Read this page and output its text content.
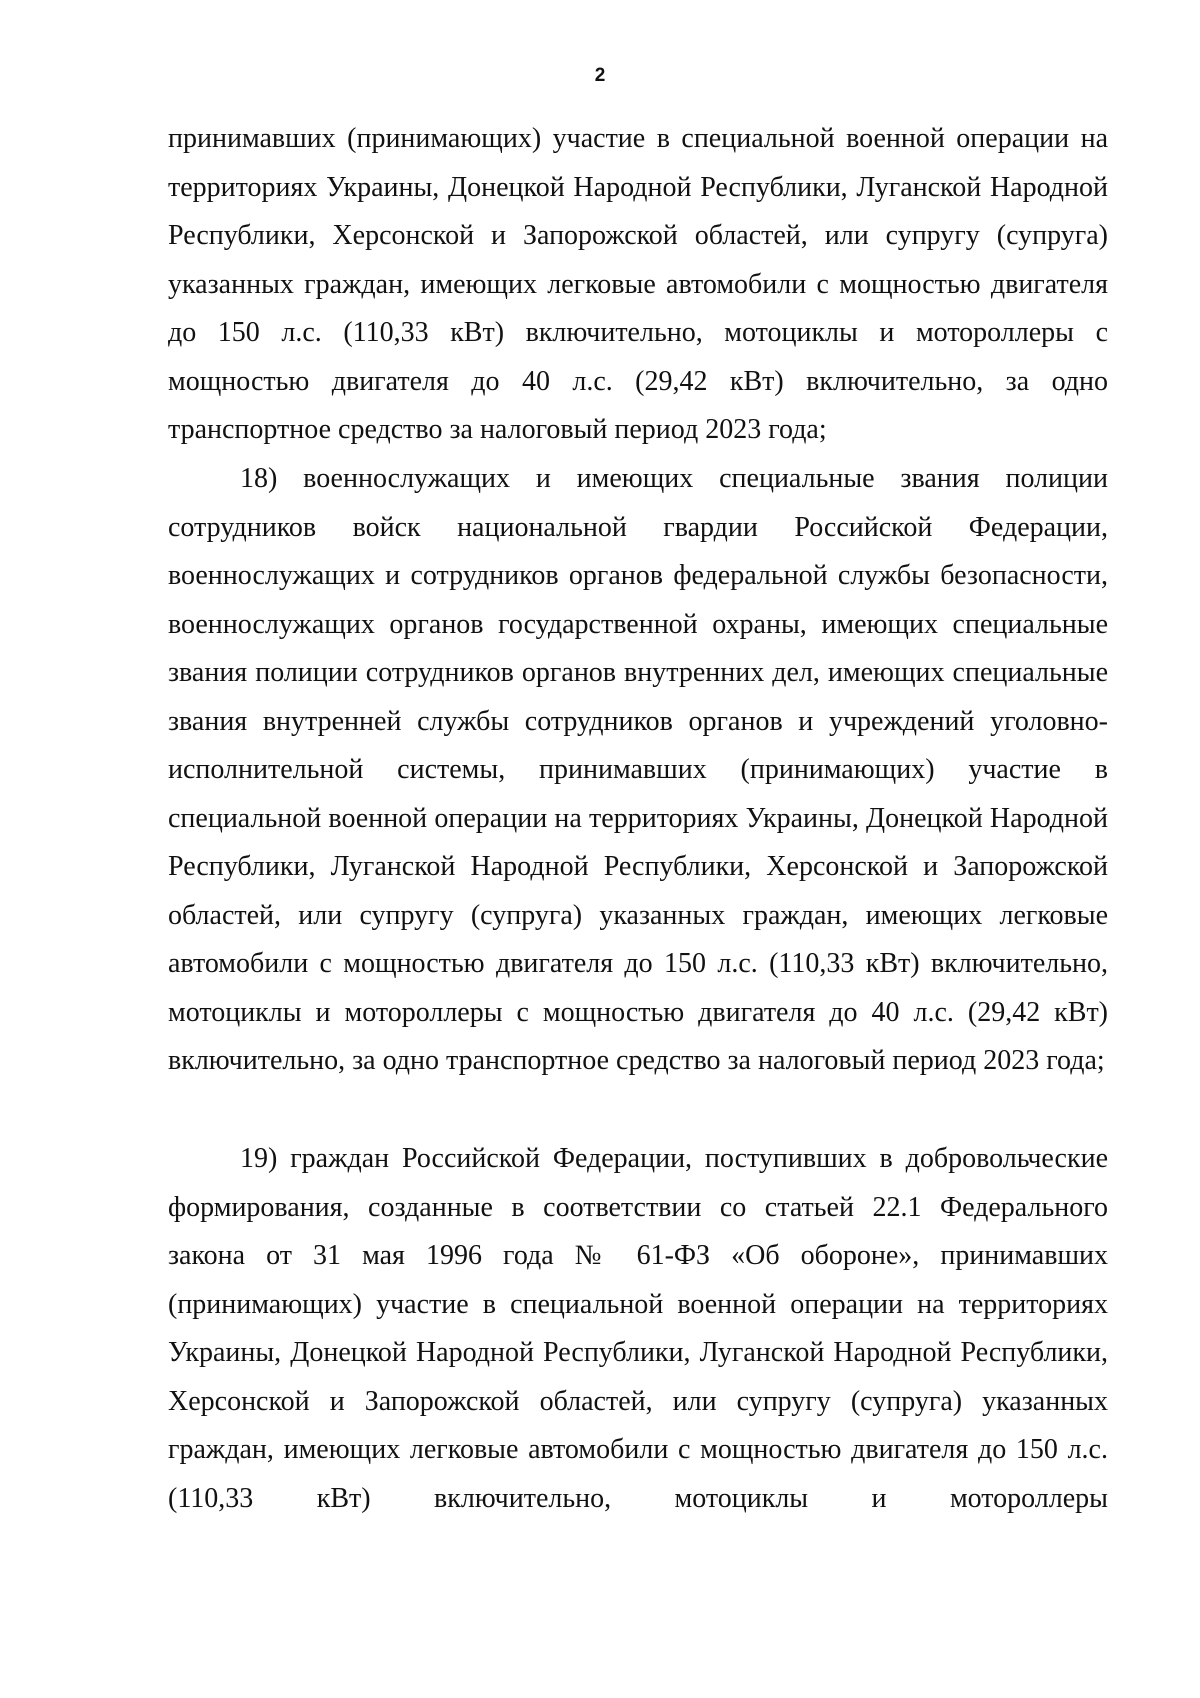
2

принимавших (принимающих) участие в специальной военной операции на территориях Украины, Донецкой Народной Республики, Луганской Народной Республики, Херсонской и Запорожской областей, или супругу (супруга) указанных граждан, имеющих легковые автомобили с мощностью двигателя до 150 л.с. (110,33 кВт) включительно, мотоциклы и мотороллеры с мощностью двигателя до 40 л.с. (29,42 кВт) включительно, за одно транспортное средство за налоговый период 2023 года;

18) военнослужащих и имеющих специальные звания полиции сотрудников войск национальной гвардии Российской Федерации, военнослужащих и сотрудников органов федеральной службы безопасности, военнослужащих органов государственной охраны, имеющих специальные звания полиции сотрудников органов внутренних дел, имеющих специальные звания внутренней службы сотрудников органов и учреждений уголовно-исполнительной системы, принимавших (принимающих) участие в специальной военной операции на территориях Украины, Донецкой Народной Республики, Луганской Народной Республики, Херсонской и Запорожской областей, или супругу (супруга) указанных граждан, имеющих легковые автомобили с мощностью двигателя до 150 л.с. (110,33 кВт) включительно, мотоциклы и мотороллеры с мощностью двигателя до 40 л.с. (29,42 кВт) включительно, за одно транспортное средство за налоговый период 2023 года;

19) граждан Российской Федерации, поступивших в добровольческие формирования, созданные в соответствии со статьей 22.1 Федерального закона от 31 мая 1996 года № 61-ФЗ «Об обороне», принимавших (принимающих) участие в специальной военной операции на территориях Украины, Донецкой Народной Республики, Луганской Народной Республики, Херсонской и Запорожской областей, или супругу (супруга) указанных граждан, имеющих легковые автомобили с мощностью двигателя до 150 л.с. (110,33 кВт) включительно, мотоциклы и мотороллеры
